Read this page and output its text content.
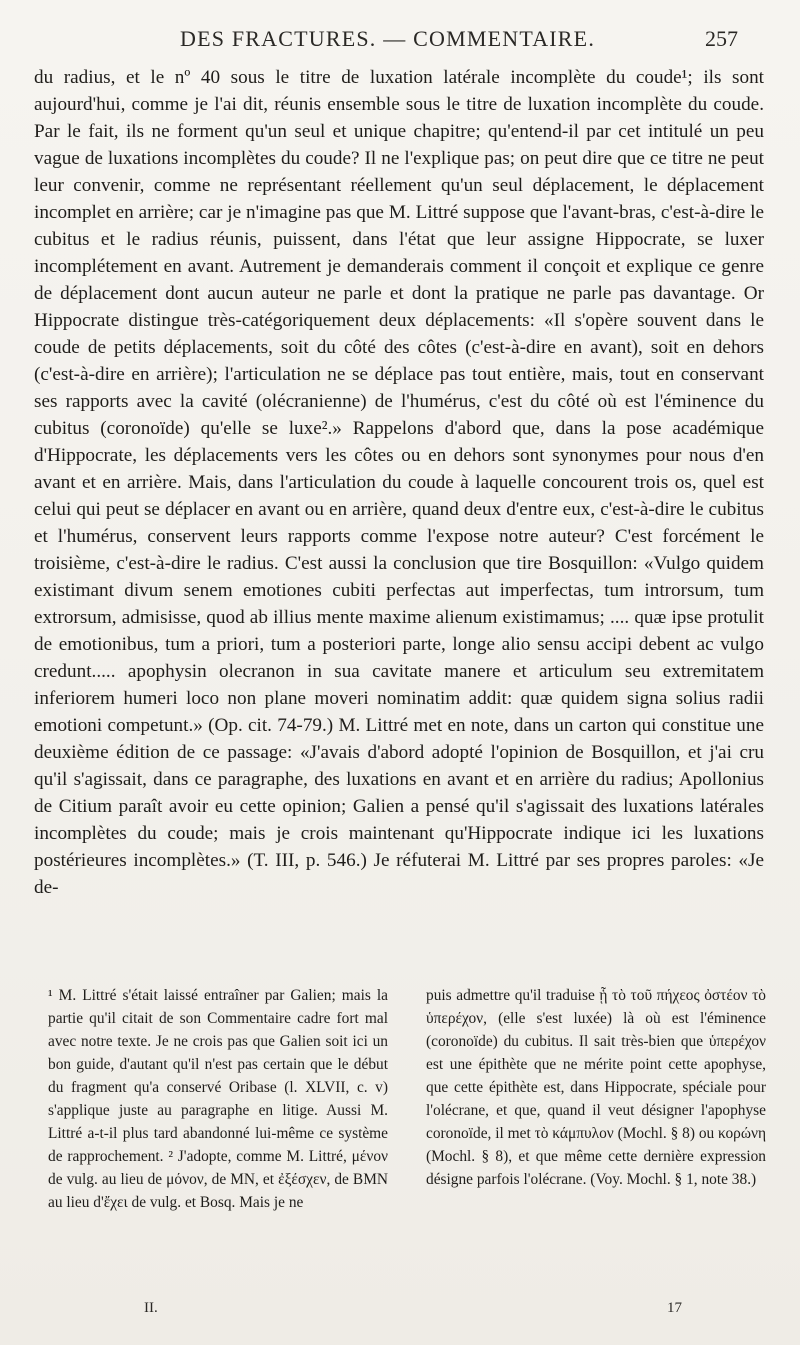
DES FRACTURES. — COMMENTAIRE.	257

du radius, et le nº 40 sous le titre de luxation latérale incomplète du coude¹; ils sont aujourd'hui, comme je l'ai dit, réunis ensemble sous le titre de luxation incomplète du coude. Par le fait, ils ne forment qu'un seul et unique chapitre; qu'entend-il par cet intitulé un peu vague de luxations incomplètes du coude? Il ne l'explique pas; on peut dire que ce titre ne peut leur convenir, comme ne représentant réellement qu'un seul déplacement, le déplacement incomplet en arrière; car je n'imagine pas que M. Littré suppose que l'avant-bras, c'est-à-dire le cubitus et le radius réunis, puissent, dans l'état que leur assigne Hippocrate, se luxer incomplétement en avant. Autrement je demanderais comment il conçoit et explique ce genre de déplacement dont aucun auteur ne parle et dont la pratique ne parle pas davantage. Or Hippocrate distingue très-catégoriquement deux déplacements: «Il s'opère souvent dans le coude de petits déplacements, soit du côté des côtes (c'est-à-dire en avant), soit en dehors (c'est-à-dire en arrière); l'articulation ne se déplace pas tout entière, mais, tout en conservant ses rapports avec la cavité (olécranienne) de l'humérus, c'est du côté où est l'éminence du cubitus (coronoïde) qu'elle se luxe².» Rappelons d'abord que, dans la pose académique d'Hippocrate, les déplacements vers les côtes ou en dehors sont synonymes pour nous d'en avant et en arrière. Mais, dans l'articulation du coude à laquelle concourent trois os, quel est celui qui peut se déplacer en avant ou en arrière, quand deux d'entre eux, c'est-à-dire le cubitus et l'humérus, conservent leurs rapports comme l'expose notre auteur? C'est forcément le troisième, c'est-à-dire le radius. C'est aussi la conclusion que tire Bosquillon: «Vulgo quidem existimant divum senem emotiones cubiti perfectas aut imperfectas, tum introrsum, tum extrorsum, admisisse, quod ab illius mente maxime alienum existimamus; .... quæ ipse protulit de emotionibus, tum a priori, tum a posteriori parte, longe alio sensu accipi debent ac vulgo credunt..... apophysin olecranon in sua cavitate manere et articulum seu extremitatem inferiorem humeri loco non plane moveri nominatim addit: quæ quidem signa solius radii emotioni competunt.» (Op. cit. 74-79.) M. Littré met en note, dans un carton qui constitue une deuxième édition de ce passage: «J'avais d'abord adopté l'opinion de Bosquillon, et j'ai cru qu'il s'agissait, dans ce paragraphe, des luxations en avant et en arrière du radius; Apollonius de Citium paraît avoir eu cette opinion; Galien a pensé qu'il s'agissait des luxations latérales incomplètes du coude; mais je crois maintenant qu'Hippocrate indique ici les luxations postérieures incomplètes.» (T. III, p. 546.) Je réfuterai M. Littré par ses propres paroles: «Je de-

¹ M. Littré s'était laissé entraîner par Galien; mais la partie qu'il citait de son Commentaire cadre fort mal avec notre texte. Je ne crois pas que Galien soit ici un bon guide, d'autant qu'il n'est pas certain que le début du fragment qu'a conservé Oribase (l. XLVII, c. v) s'applique juste au paragraphe en litige. Aussi M. Littré a-t-il plus tard abandonné lui-même ce système de rapprochement. ² J'adopte, comme M. Littré, μένον de vulg. au lieu de μόνον, de MN, et ἐξέσχεν, de BMN au lieu d'ἔχει de vulg. et Bosq. Mais je ne

puis admettre qu'il traduise ᾗ τὸ τοῦ πήχεος ὀστέον τὸ ὑπερέχον, (elle s'est luxée) là où est l'éminence (coronoïde) du cubitus. Il sait très-bien que ὑπερέχον est une épithète que ne mérite point cette apophyse, que cette épithète est, dans Hippocrate, spéciale pour l'olécrane, et que, quand il veut désigner l'apophyse coronoïde, il met τὸ κάμπυλον (Mochl. § 8) ou κορώνη (Mochl. § 8), et que même cette dernière expression désigne parfois l'olécrane. (Voy. Mochl. § 1, note 38.)

II.	17
